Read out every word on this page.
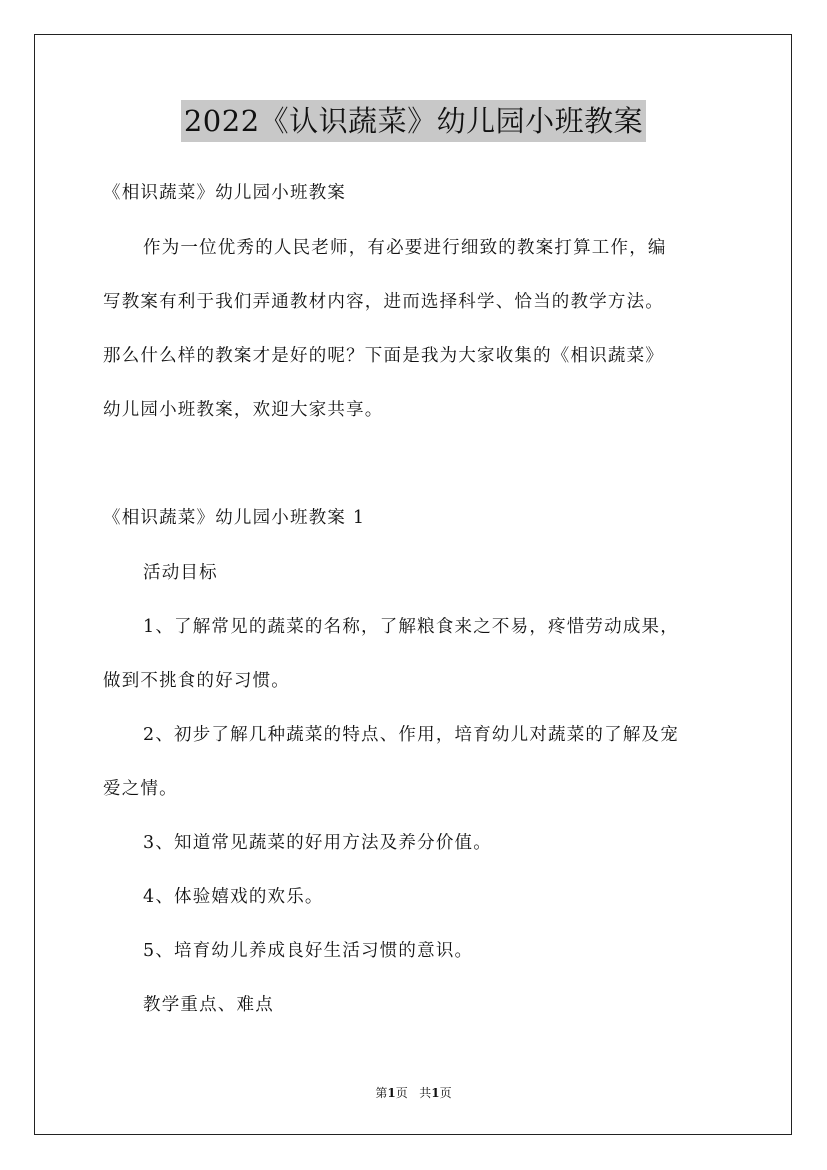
2022《认识蔬菜》幼儿园小班教案
《相识蔬菜》幼儿园小班教案
作为一位优秀的人民老师，有必要进行细致的教案打算工作，编
写教案有利于我们弄通教材内容，进而选择科学、恰当的教学方法。
那么什么样的教案才是好的呢？下面是我为大家收集的《相识蔬菜》
幼儿园小班教案，欢迎大家共享。
《相识蔬菜》幼儿园小班教案 1
活动目标
1、了解常见的蔬菜的名称，了解粮食来之不易，疼惜劳动成果，
做到不挑食的好习惯。
2、初步了解几种蔬菜的特点、作用，培育幼儿对蔬菜的了解及宠
爱之情。
3、知道常见蔬菜的好用方法及养分价值。
4、体验嬉戏的欢乐。
5、培育幼儿养成良好生活习惯的意识。
教学重点、难点
第1页 共1页
